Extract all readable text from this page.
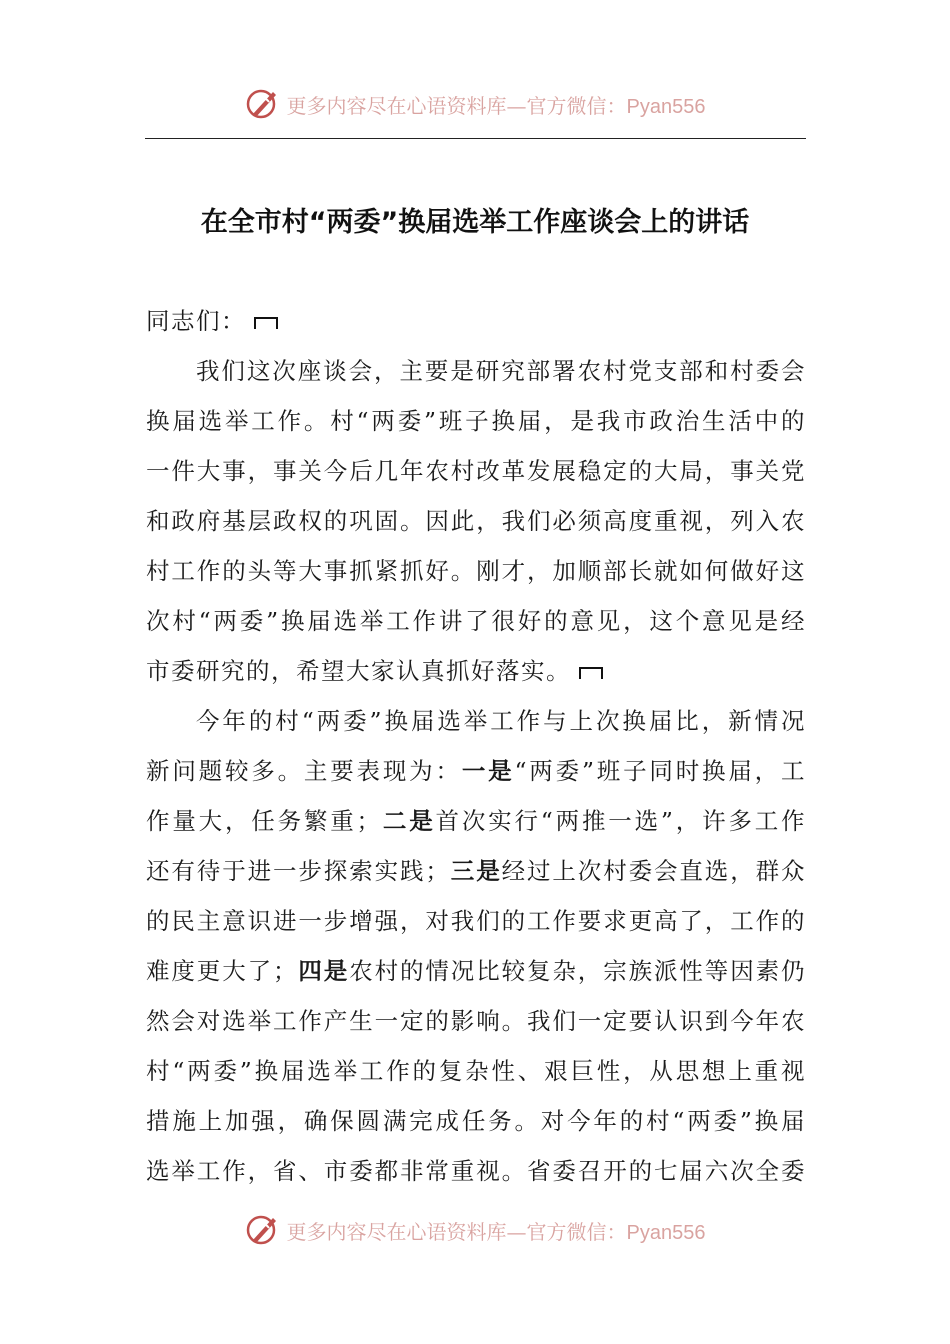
更多内容尽在心语资料库—官方微信：Pyan556
在全市村“两委”换届选举工作座谈会上的讲话
同志们：
我们这次座谈会，主要是研究部署农村党支部和村委会
换届选举工作。村“两委”班子换届，是我市政治生活中的
一件大事，事关今后几年农村改革发展稳定的大局，事关党
和政府基层政权的巩固。因此，我们必须高度重视，列入农
村工作的头等大事抓紧抓好。刚才，加顺部长就如何做好这
次村“两委”换届选举工作讲了很好的意见，这个意见是经
市委研究的，希望大家认真抓好落实。
今年的村“两委”换届选举工作与上次换届比，新情况
新问题较多。主要表现为：一是“两委”班子同时换届，工
作量大，任务繁重；二是首次实行“两推一选”，许多工作
还有待于进一步探索实践；三是经过上次村委会直选，群众
的民主意识进一步增强，对我们的工作要求更高了，工作的
难度更大了；四是农村的情况比较复杂，宗族派性等因素仍
然会对选举工作产生一定的影响。我们一定要认识到今年农
村“两委”换届选举工作的复杂性、艰巨性，从思想上重视
措施上加强，确保圆满完成任务。对今年的村“两委”换届
选举工作，省、市委都非常重视。省委召开的七届六次全委
更多内容尽在心语资料库—官方微信：Pyan556
